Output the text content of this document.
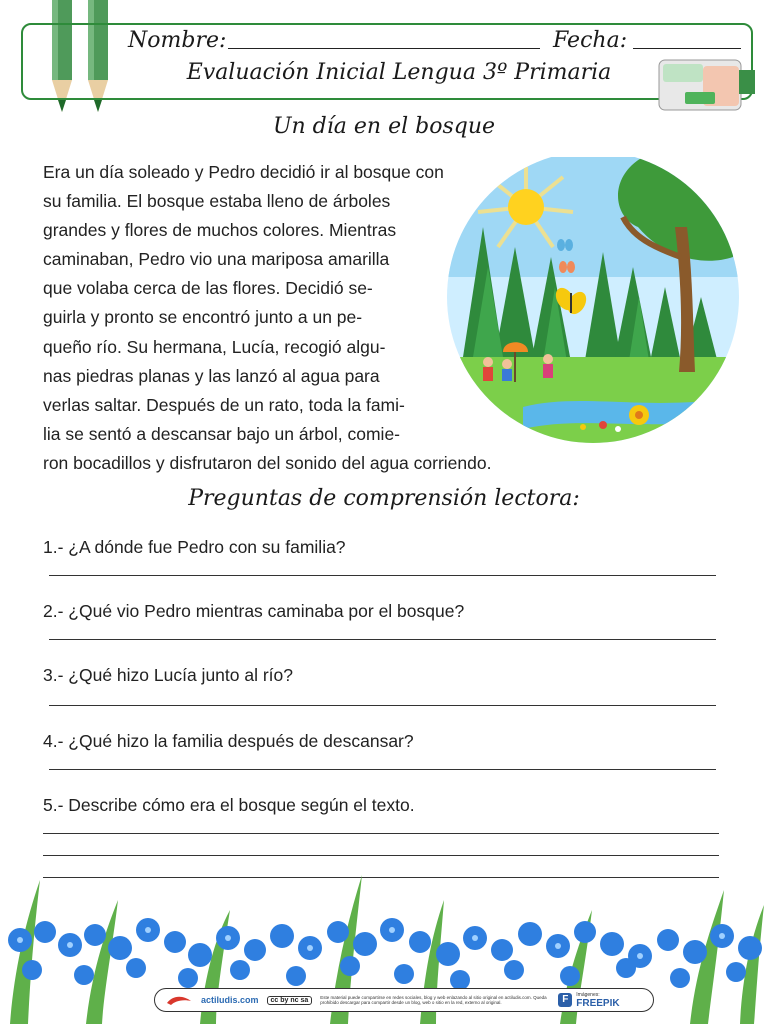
Nombre:	Fecha:
Evaluación Inicial Lengua 3º Primaria
Un día en el bosque

Era un día soleado y Pedro decidió ir al bosque con
su familia. El bosque estaba lleno de árboles
grandes y flores de muchos colores. Mientras
caminaban, Pedro vio una mariposa amarilla
que volaba cerca de las flores. Decidió se-
guirla y pronto se encontró junto a un pe-
queño río. Su hermana, Lucía, recogió algu-
nas piedras planas y las lanzó al agua para
verlas saltar. Después de un rato, toda la fami-
lia se sentó a descansar bajo un árbol, comie-
ron bocadillos y disfrutaron del sonido del agua corriendo.

Preguntas de comprensión lectora:
1.- ¿A dónde fue Pedro con su familia?
2.- ¿Qué vio Pedro mientras caminaba por el bosque?
3.- ¿Qué hizo Lucía junto al río?
4.- ¿Qué hizo la familia después de descansar?
5.- Describe cómo era el bosque según el texto.
actiludis.com	cc by nc sa	Este material puede compartirse en redes sociales, blog y web enlazando al sitio original en actiludis.com. Queda prohibido descargar para compartir desde un blog, web o sitio en la red, externo al original.	F	Imágenes:
FREEPIK
